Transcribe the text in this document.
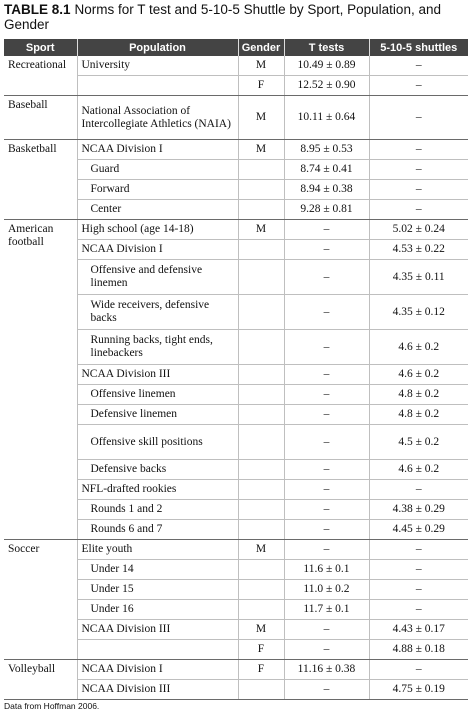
TABLE 8.1 Norms for T test and 5-10-5 Shuttle by Sport, Population, and Gender
Sport	Population	Gender	T tests	5-10-5 shuttles
Recreational	University	M	10.49 ± 0.89	–
		F	12.52 ± 0.90	–
Baseball	National Association of Intercollegiate Athletics (NAIA)	M	10.11 ± 0.64	–
Basketball	NCAA Division I	M	8.95 ± 0.53	–
	Guard		8.74 ± 0.41	–
	Forward		8.94 ± 0.38	–
	Center		9.28 ± 0.81	–
American football	High school (age 14-18)	M	–	5.02 ± 0.24
	NCAA Division I		–	4.53 ± 0.22
	Offensive and defensive linemen		–	4.35 ± 0.11
	Wide receivers, defensive backs		–	4.35 ± 0.12
	Running backs, tight ends, linebackers		–	4.6 ± 0.2
	NCAA Division III		–	4.6 ± 0.2
	Offensive linemen		–	4.8 ± 0.2
	Defensive linemen		–	4.8 ± 0.2
	Offensive skill positions		–	4.5 ± 0.2
	Defensive backs		–	4.6 ± 0.2
	NFL-drafted rookies		–	–
	Rounds 1 and 2		–	4.38 ± 0.29
	Rounds 6 and 7		–	4.45 ± 0.29
Soccer	Elite youth	M	–	–
	Under 14		11.6 ± 0.1	–
	Under 15		11.0 ± 0.2	–
	Under 16		11.7 ± 0.1	–
	NCAA Division III	M	–	4.43 ± 0.17
		F	–	4.88 ± 0.18
Volleyball	NCAA Division I	F	11.16 ± 0.38	–
	NCAA Division III		–	4.75 ± 0.19
Data from Hoffman 2006.
